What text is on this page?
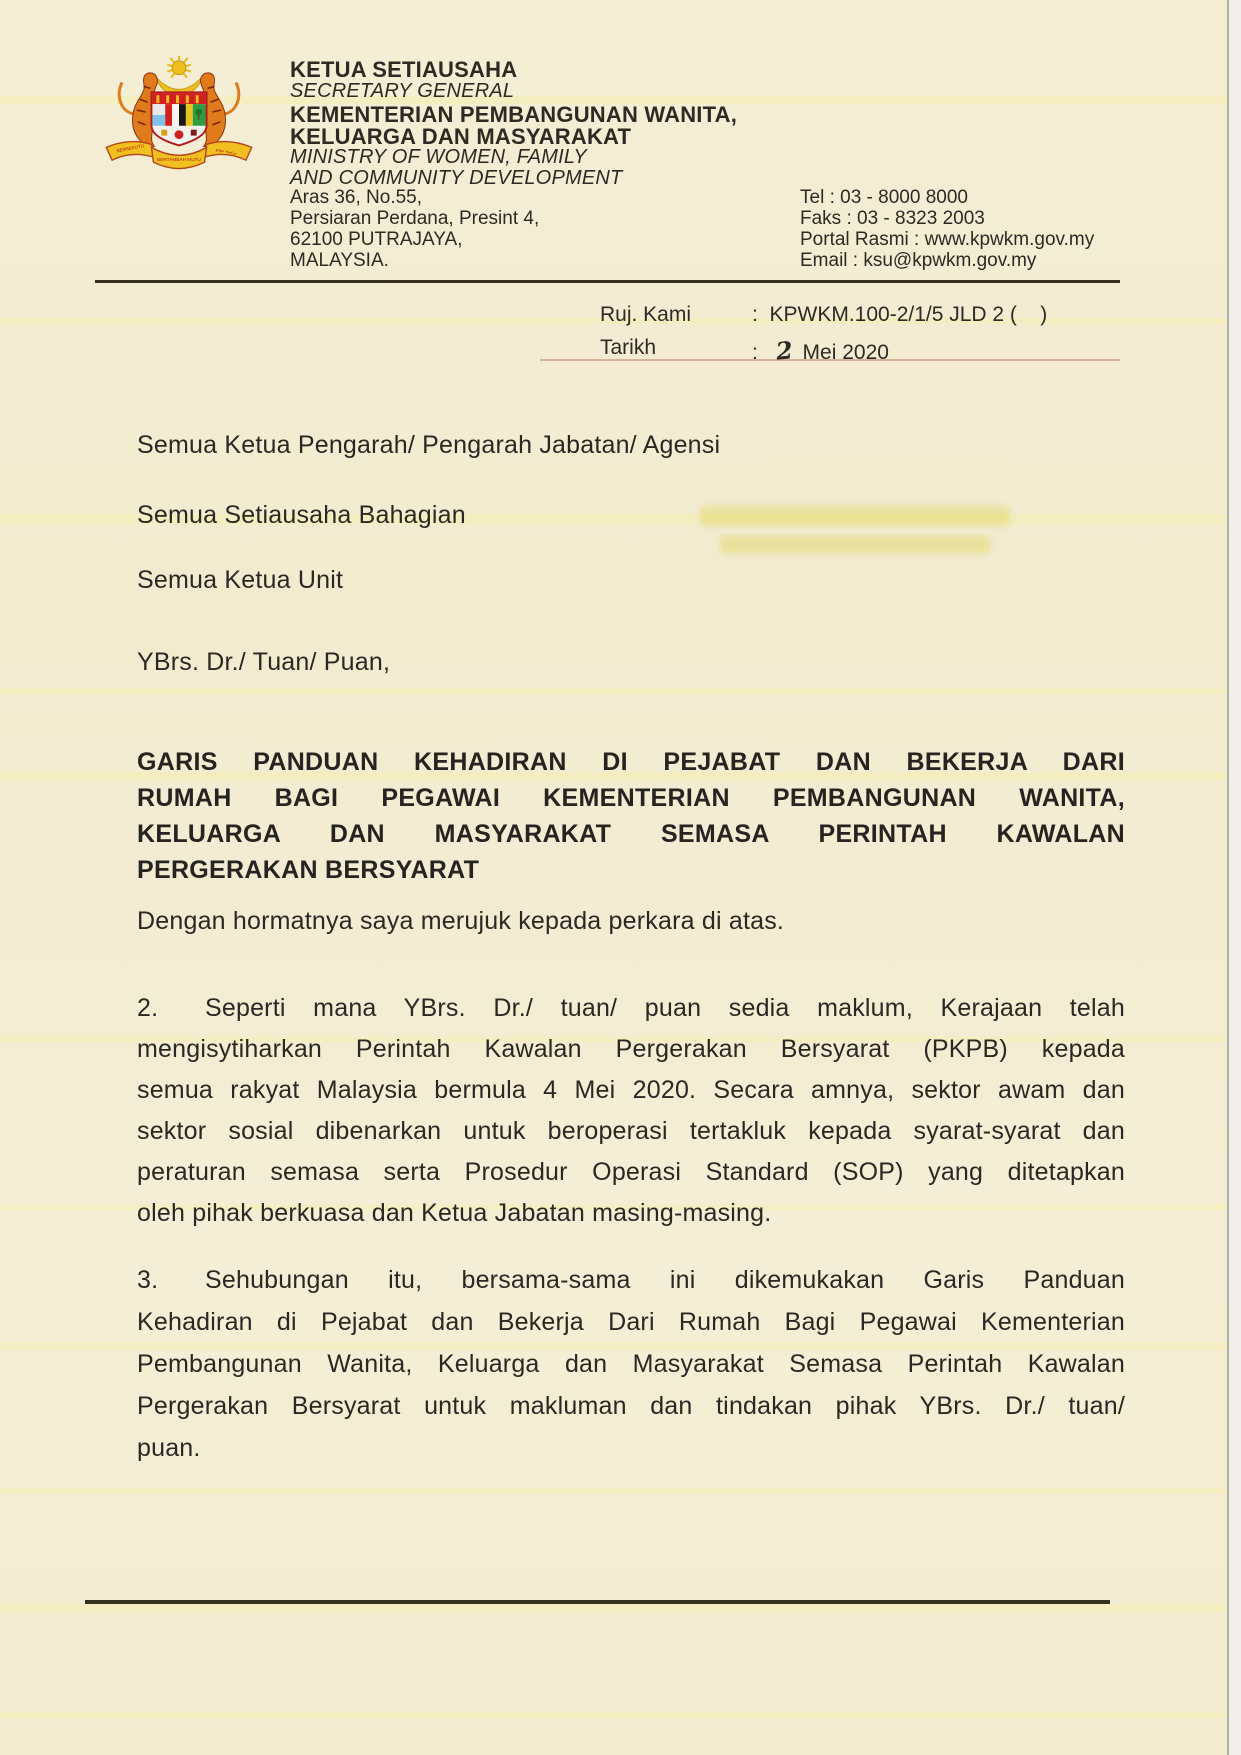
BERSEKUTU
BERTAMBAH MUTU
برتمبه موتو
KETUA SETIAUSAHA
SECRETARY GENERAL
KEMENTERIAN PEMBANGUNAN WANITA,
KELUARGA DAN MASYARAKAT
MINISTRY OF WOMEN, FAMILY
AND COMMUNITY DEVELOPMENT
Aras 36, No.55,
Persiaran Perdana, Presint 4,
62100 PUTRAJAYA,
MALAYSIA.
Tel : 03 - 8000 8000
Faks : 03 - 8323 2003
Portal Rasmi : www.kpwkm.gov.my
Email : ksu@kpwkm.gov.my
Ruj. Kami	:  KPWKM.100-2/1/5 JLD 2 (    )
Tarikh	: 2 Mei 2020
Semua Ketua Pengarah/ Pengarah Jabatan/ Agensi
Semua Setiausaha Bahagian
Semua Ketua Unit
YBrs. Dr./ Tuan/ Puan,
GARIS PANDUAN KEHADIRAN DI PEJABAT DAN BEKERJA DARI
RUMAH BAGI PEGAWAI KEMENTERIAN PEMBANGUNAN WANITA,
KELUARGA DAN MASYARAKAT SEMASA PERINTAH KAWALAN
PERGERAKAN BERSYARAT
Dengan hormatnya saya merujuk kepada perkara di atas.
2. Seperti mana YBrs. Dr./ tuan/ puan sedia maklum, Kerajaan telah
mengisytiharkan Perintah Kawalan Pergerakan Bersyarat (PKPB) kepada
semua rakyat Malaysia bermula 4 Mei 2020. Secara amnya, sektor awam dan
sektor sosial dibenarkan untuk beroperasi tertakluk kepada syarat-syarat dan
peraturan semasa serta Prosedur Operasi Standard (SOP) yang ditetapkan
oleh pihak berkuasa dan Ketua Jabatan masing-masing.
3. Sehubungan itu, bersama-sama ini dikemukakan Garis Panduan
Kehadiran di Pejabat dan Bekerja Dari Rumah Bagi Pegawai Kementerian
Pembangunan Wanita, Keluarga dan Masyarakat Semasa Perintah Kawalan
Pergerakan Bersyarat untuk makluman dan tindakan pihak YBrs. Dr./ tuan/
puan.
